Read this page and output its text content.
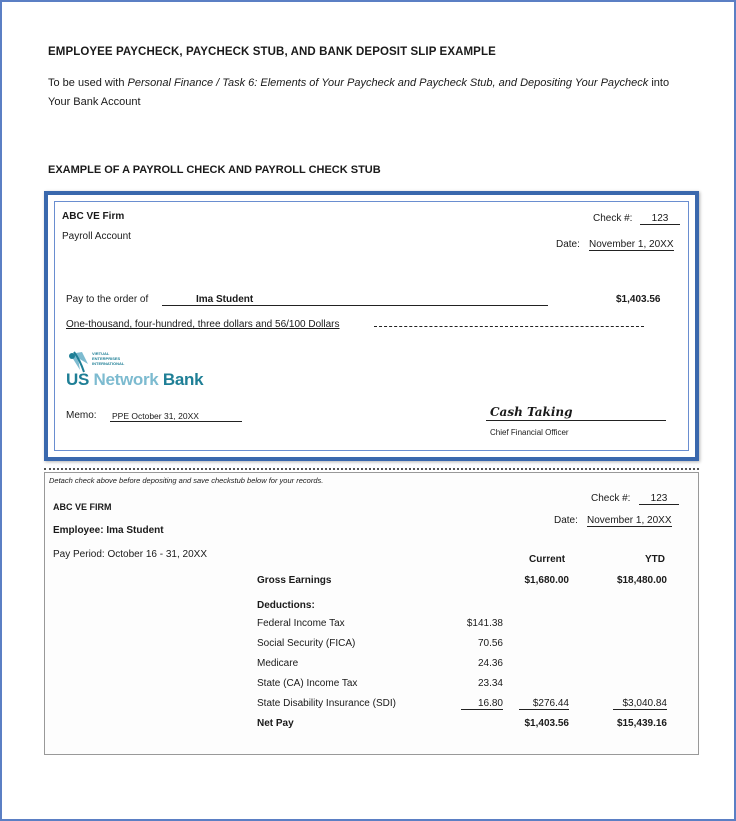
EMPLOYEE PAYCHECK, PAYCHECK STUB, AND BANK DEPOSIT SLIP EXAMPLE
To be used with Personal Finance / Task 6: Elements of Your Paycheck and Paycheck Stub, and Depositing Your Paycheck into Your Bank Account
EXAMPLE OF A PAYROLL CHECK AND PAYROLL CHECK STUB
ABC VE Firm
Payroll Account
Check #:	123
Date: November 1, 20XX
Pay to the order of	Ima Student	$1,403.56
One-thousand, four-hundred, three dollars and 56/100 Dollars
VIRTUAL ENTERPRISES INTERNATIONAL
US Network Bank
Memo: PPE October 31, 20XX	Cash Taking
Chief Financial Officer
Detach check above before depositing and save checkstub below for your records.
ABC VE FIRM
Check #:	123
Date: November 1, 20XX
Employee: Ima Student
Pay Period: October 16 - 31, 20XX	Current	YTD
Gross Earnings	$1,680.00	$18,480.00
Deductions:
Federal Income Tax	$141.38
Social Security (FICA)	70.56
Medicare	24.36
State (CA) Income Tax	23.34
State Disability Insurance (SDI)	16.80	$276.44	$3,040.84
Net Pay	$1,403.56	$15,439.16
